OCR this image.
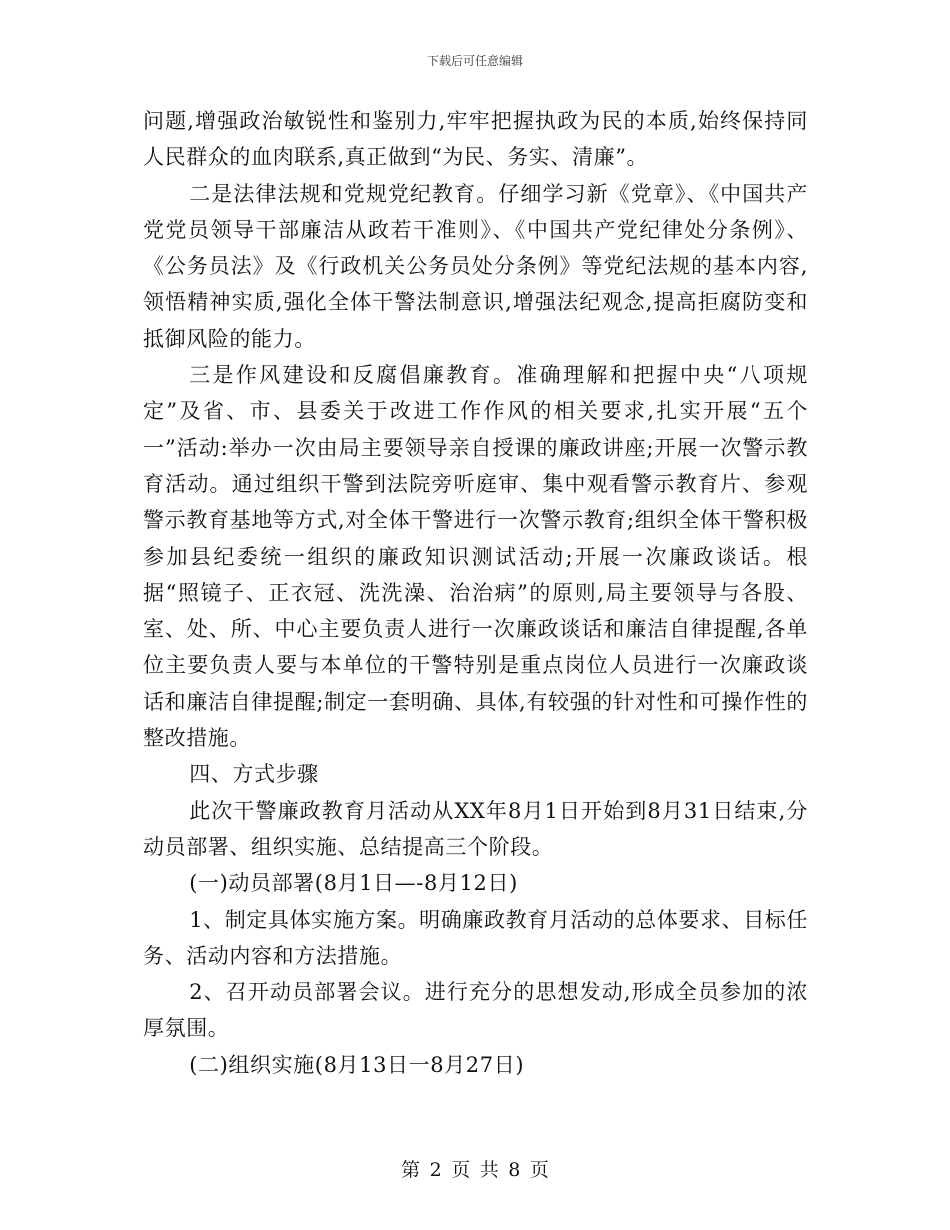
下载后可任意编辑

问题,增强政治敏锐性和鉴别力,牢牢把握执政为民的本质,始终保持同人民群众的血肉联系,真正做到“为民、务实、清廉”。

二是法律法规和党规党纪教育。仔细学习新《党章》、《中国共产党党员领导干部廉洁从政若干准则》、《中国共产党纪律处分条例》、《公务员法》及《行政机关公务员处分条例》等党纪法规的基本内容,领悟精神实质,强化全体干警法制意识,增强法纪观念,提高拒腐防变和抵御风险的能力。

三是作风建设和反腐倡廉教育。准确理解和把握中央“八项规定”及省、市、县委关于改进工作作风的相关要求,扎实开展“五个一”活动:举办一次由局主要领导亲自授课的廉政讲座;开展一次警示教育活动。通过组织干警到法院旁听庭审、集中观看警示教育片、参观警示教育基地等方式,对全体干警进行一次警示教育;组织全体干警积极参加县纪委统一组织的廉政知识测试活动;开展一次廉政谈话。根据“照镜子、正衣冠、洗洗澡、治治病”的原则,局主要领导与各股、室、处、所、中心主要负责人进行一次廉政谈话和廉洁自律提醒,各单位主要负责人要与本单位的干警特别是重点岗位人员进行一次廉政谈话和廉洁自律提醒;制定一套明确、具体,有较强的针对性和可操作性的整改措施。

四、方式步骤

此次干警廉政教育月活动从XX年8月1日开始到8月31日结束,分动员部署、组织实施、总结提高三个阶段。

(一)动员部署(8月1日—-8月12日)

1、制定具体实施方案。明确廉政教育月活动的总体要求、目标任务、活动内容和方法措施。

2、召开动员部署会议。进行充分的思想发动,形成全员参加的浓厚氛围。

(二)组织实施(8月13日一8月27日)

第 2 页 共 8 页
